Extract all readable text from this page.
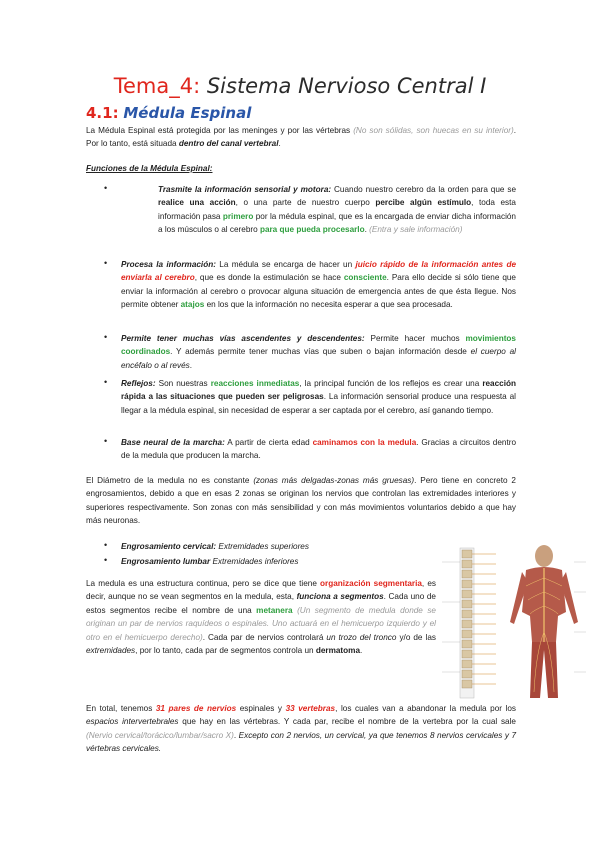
Tema_4: Sistema Nervioso Central I
4.1: Médula Espinal
La Médula Espinal está protegida por las meninges y por las vértebras (No son sólidas, son huecas en su interior). Por lo tanto, está situada dentro del canal vertebral.
Funciones de la Médula Espinal:
•	Trasmite la información sensorial y motora: Cuando nuestro cerebro da la orden para que se realice una acción, o una parte de nuestro cuerpo percibe algún estímulo, toda esta información pasa primero por la médula espinal, que es la encargada de enviar dicha información a los músculos o al cerebro para que pueda procesarlo. (Entra y sale información)
• Procesa la información: La médula se encarga de hacer un juicio rápido de la información antes de enviarla al cerebro, que es donde la estimulación se hace consciente. Para ello decide si sólo tiene que enviar la información al cerebro o provocar alguna situación de emergencia antes de que ésta llegue. Nos permite obtener atajos en los que la información no necesita esperar a que sea procesada.
• Permite tener muchas vías ascendentes y descendentes: Permite hacer muchos movimientos coordinados. Y además permite tener muchas vías que suben o bajan información desde el cuerpo al encéfalo o al revés.
• Reflejos: Son nuestras reacciones inmediatas, la principal función de los reflejos es crear una reacción rápida a las situaciones que pueden ser peligrosas. La información sensorial produce una respuesta al llegar a la médula espinal, sin necesidad de esperar a ser captada por el cerebro, así ganando tiempo.
• Base neural de la marcha: A partir de cierta edad caminamos con la medula. Gracias a circuitos dentro de la medula que producen la marcha.
El Diámetro de la medula no es constante (zonas más delgadas-zonas más gruesas). Pero tiene en concreto 2 engrosamientos, debido a que en esas 2 zonas se originan los nervios que controlan las extremidades interiores y superiores respectivamente. Son zonas con más sensibilidad y con más movimientos voluntarios debido a que hay más neuronas.
• Engrosamiento cervical: Extremidades superiores
• Engrosamiento lumbar Extremidades inferiores
La medula es una estructura continua, pero se dice que tiene organización segmentaria, es decir, aunque no se vean segmentos en la medula, esta, funciona a segmentos. Cada uno de estos segmentos recibe el nombre de una metanera (Un segmento de medula donde se originan un par de nervios raquídeos o espinales. Uno actuará en el hemicuerpo izquierdo y el otro en el hemicuerpo derecho). Cada par de nervios controlará un trozo del tronco y/o de las extremidades, por lo tanto, cada par de segmentos controla un dermatoma.
En total, tenemos 31 pares de nervios espinales y 33 vertebras, los cuales van a abandonar la medula por los espacios intervertebrales que hay en las vértebras. Y cada par, recibe el nombre de la vertebra por la cual sale (Nervio cervical/torácico/lumbar/sacro X). Excepto con 2 nervios, un cervical, ya que tenemos 8 nervios cervicales y 7 vértebras cervicales.
